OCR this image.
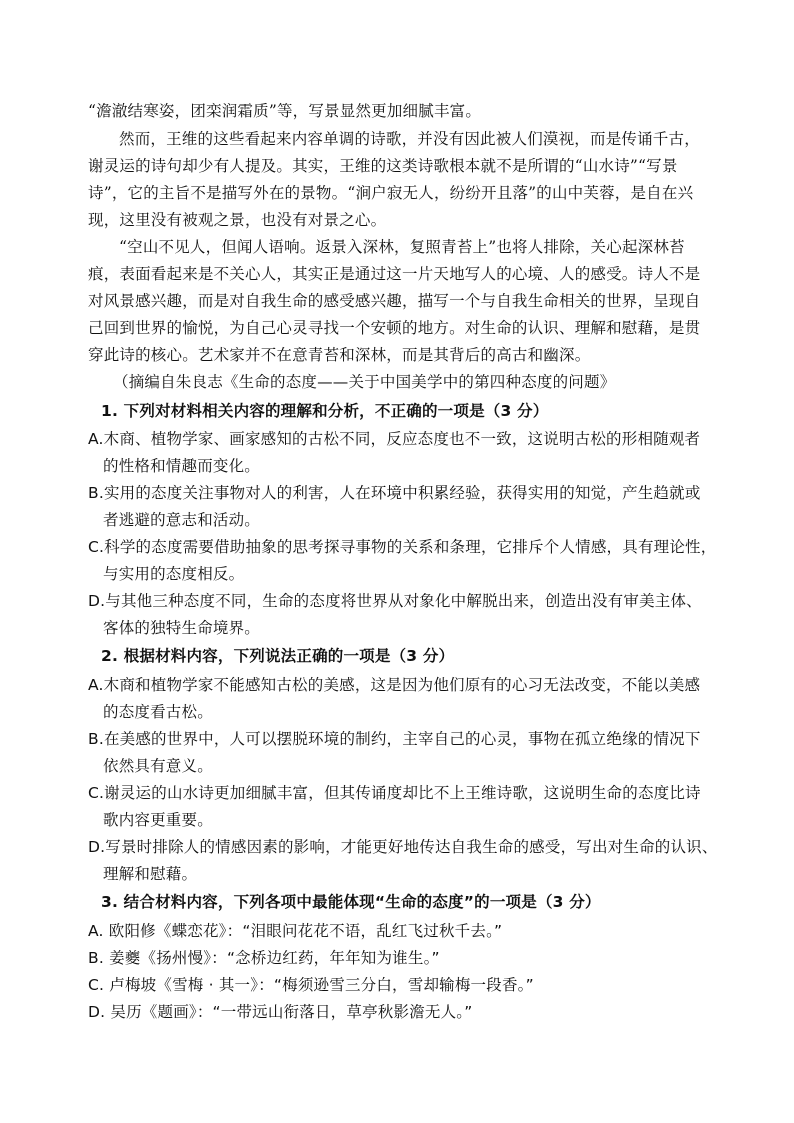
“澹澈结寒姿，团栾润霜质”等，写景显然更加细腻丰富。
然而，王维的这些看起来内容单调的诗歌，并没有因此被人们漠视，而是传诵千古，
谢灵运的诗句却少有人提及。其实，王维的这类诗歌根本就不是所谓的“山水诗”“写景
诗”，它的主旨不是描写外在的景物。“涧户寂无人，纷纷开且落”的山中芙蓉，是自在兴
现，这里没有被观之景，也没有对景之心。
“空山不见人，但闻人语响。返景入深林，复照青苔上”也将人排除，关心起深林苔
痕，表面看起来是不关心人，其实正是通过这一片天地写人的心境、人的感受。诗人不是
对风景感兴趣，而是对自我生命的感受感兴趣，描写一个与自我生命相关的世界，呈现自
己回到世界的愉悦，为自己心灵寻找一个安顿的地方。对生命的认识、理解和慰藉，是贯
穿此诗的核心。艺术家并不在意青苔和深林，而是其背后的高古和幽深。
（摘编自朱良志《生命的态度——关于中国美学中的第四种态度的问题》
1. 下列对材料相关内容的理解和分析，不正确的一项是（3 分）
A.木商、植物学家、画家感知的古松不同，反应态度也不一致，这说明古松的形相随观者
的性格和情趣而变化。
B.实用的态度关注事物对人的利害，人在环境中积累经验，获得实用的知觉，产生趋就或
者逃避的意志和活动。
C.科学的态度需要借助抽象的思考探寻事物的关系和条理，它排斥个人情感，具有理论性，
与实用的态度相反。
D.与其他三种态度不同，生命的态度将世界从对象化中解脱出来，创造出没有审美主体、
客体的独特生命境界。
2. 根据材料内容，下列说法正确的一项是（3 分）
A.木商和植物学家不能感知古松的美感，这是因为他们原有的心习无法改变，不能以美感
的态度看古松。
B.在美感的世界中，人可以摆脱环境的制约，主宰自己的心灵，事物在孤立绝缘的情况下
依然具有意义。
C.谢灵运的山水诗更加细腻丰富，但其传诵度却比不上王维诗歌，这说明生命的态度比诗
歌内容更重要。
D.写景时排除人的情感因素的影响，才能更好地传达自我生命的感受，写出对生命的认识、
理解和慰藉。
3. 结合材料内容，下列各项中最能体现“生命的态度”的一项是（3 分）
A. 欧阳修《蝶恋花》：“泪眼问花花不语，乱红飞过秋千去。”
B. 姜夔《扬州慢》：“念桥边红药，年年知为谁生。”
C. 卢梅坡《雪梅 · 其一》：“梅须逊雪三分白，雪却输梅一段香。”
D. 吴历《题画》：“一带远山衔落日，草亭秋影澹无人。”
